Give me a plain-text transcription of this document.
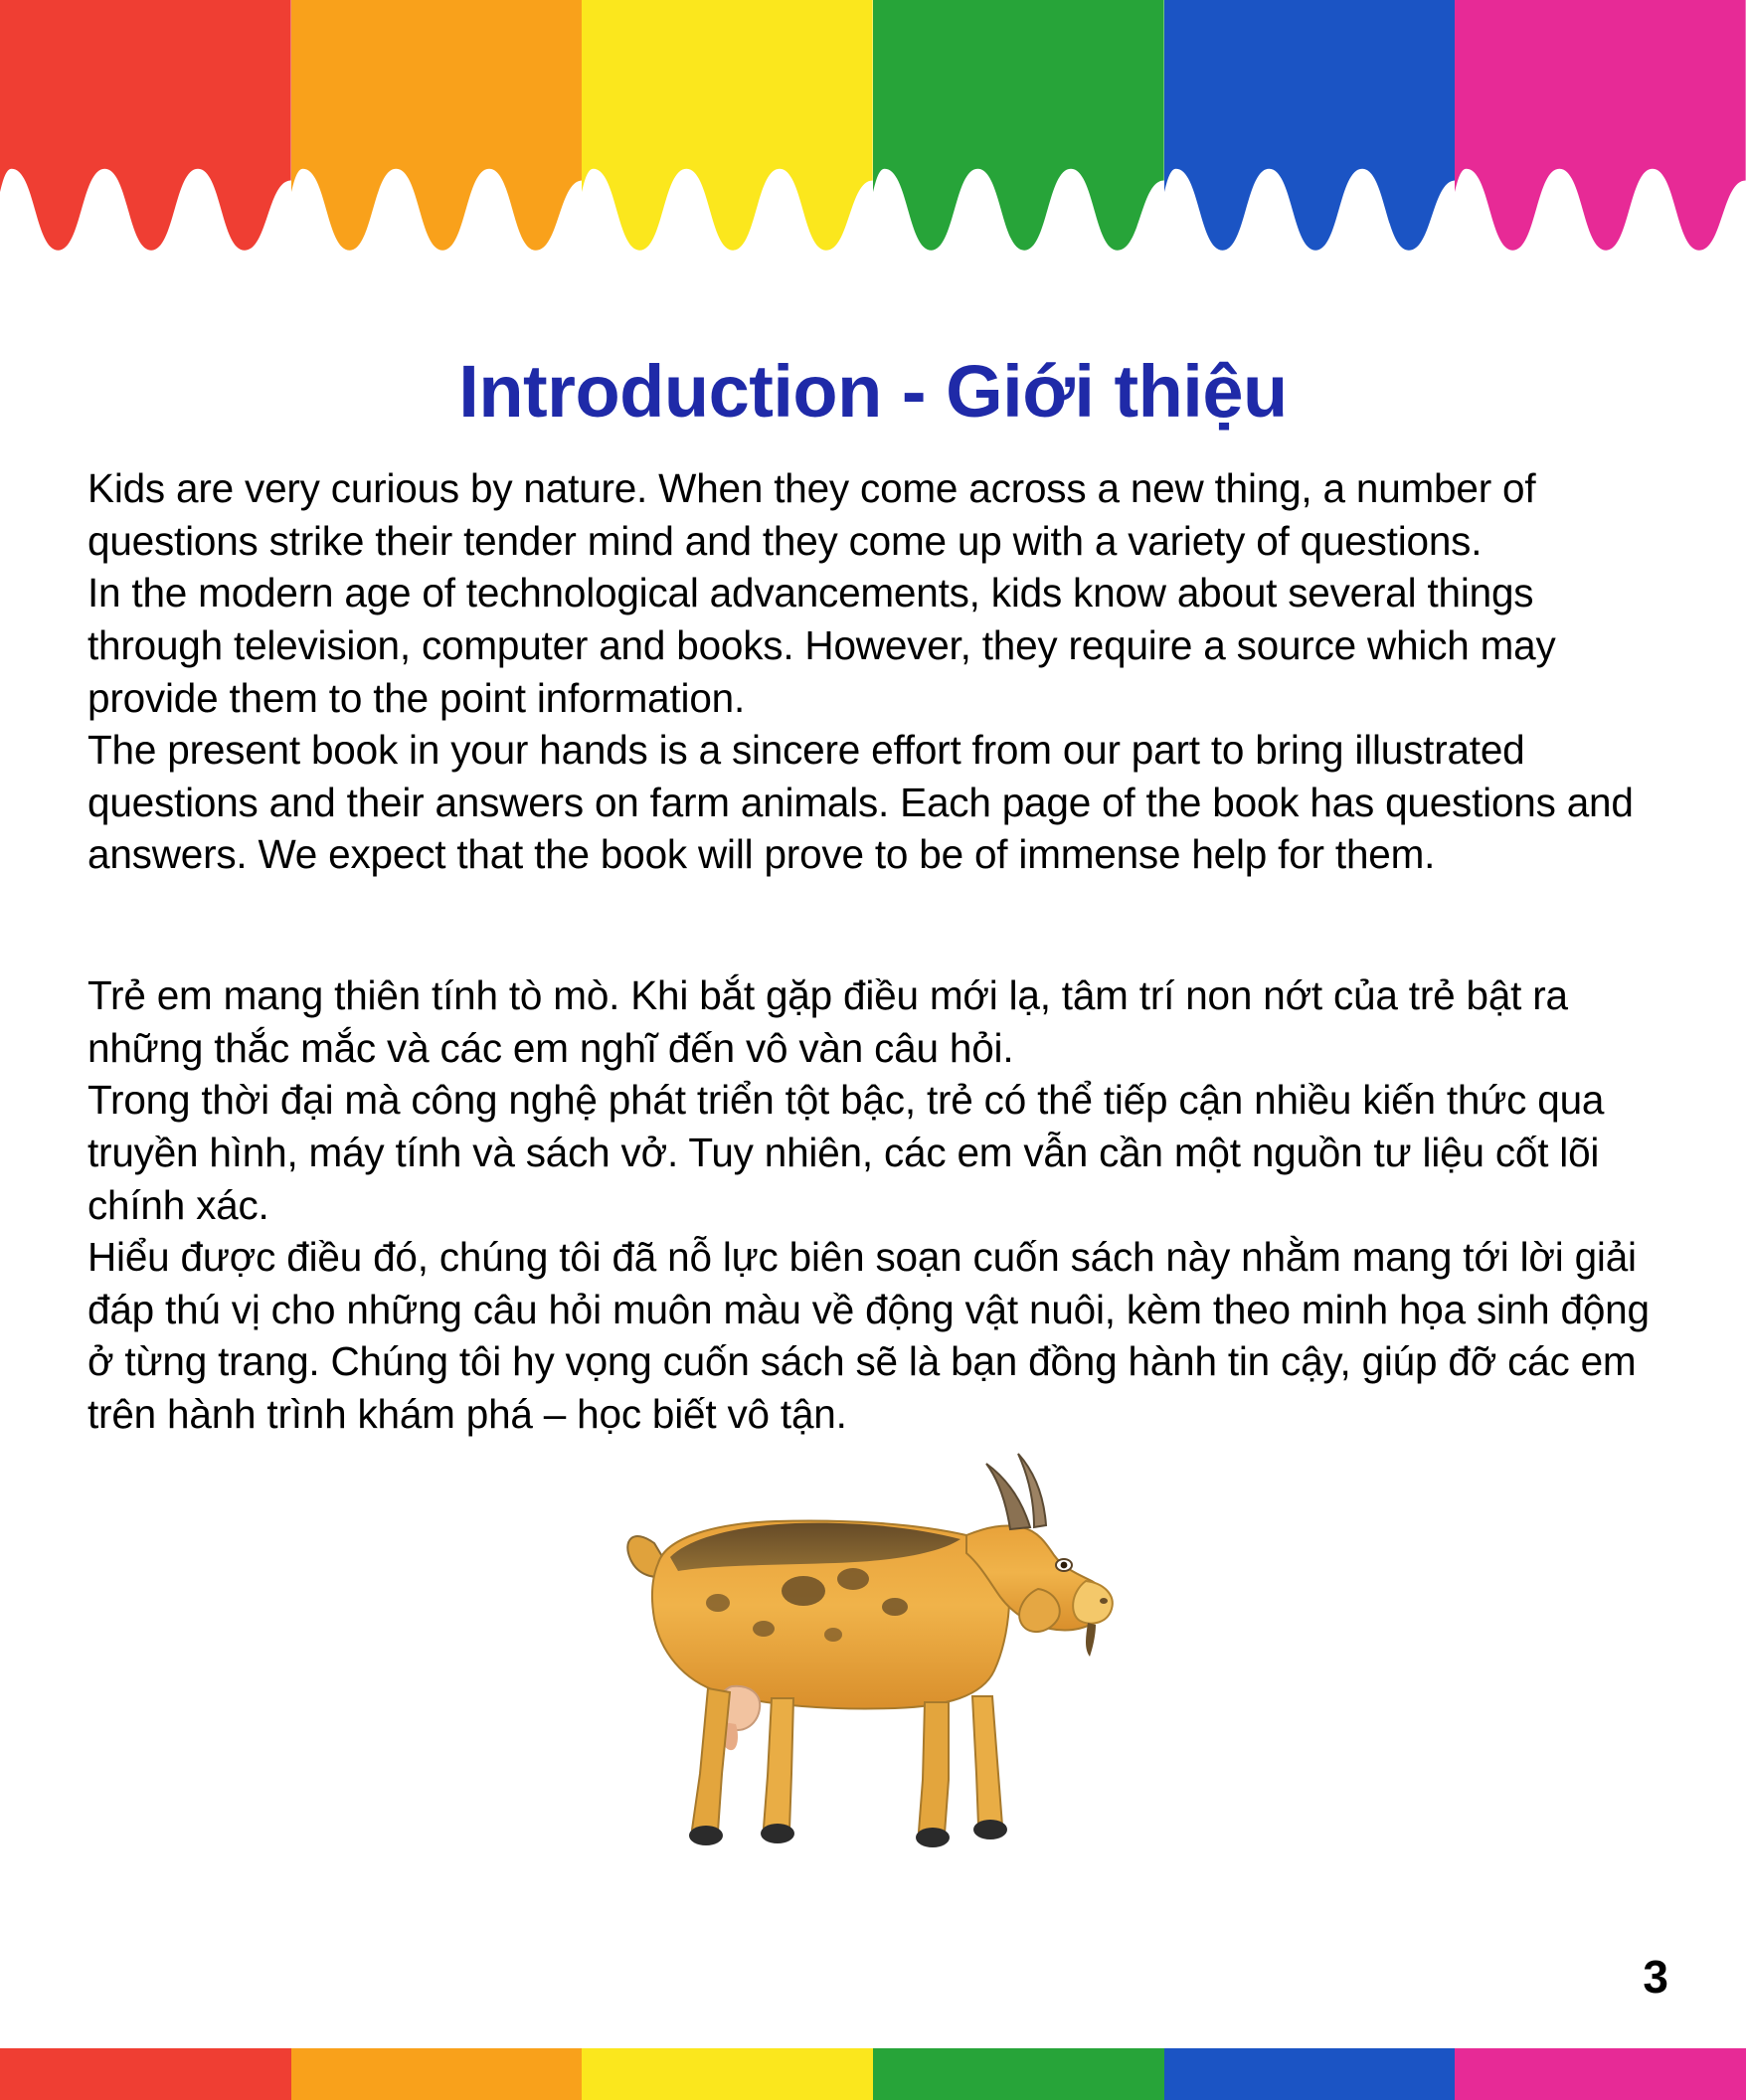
Introduction - Giới thiệu

Kids are very curious by nature. When they come across a new thing, a number of questions strike their tender mind and they come up with a variety of questions.

In the modern age of technological advancements, kids know about several things through television, computer and books. However, they require a source which may provide them to the point information.

The present book in your hands is a sincere effort from our part to bring illustrated questions and their answers on farm animals. Each page of the book has questions and answers. We expect that the book will prove to be of immense help for them.

Trẻ em mang thiên tính tò mò. Khi bắt gặp điều mới lạ, tâm trí non nớt của trẻ bật ra những thắc mắc và các em nghĩ đến vô vàn câu hỏi.

Trong thời đại mà công nghệ phát triển tột bậc, trẻ có thể tiếp cận nhiều kiến thức qua truyền hình, máy tính và sách vở. Tuy nhiên, các em vẫn cần một nguồn tư liệu cốt lõi chính xác.

Hiểu được điều đó, chúng tôi đã nỗ lực biên soạn cuốn sách này nhằm mang tới lời giải đáp thú vị cho những câu hỏi muôn màu về động vật nuôi, kèm theo minh họa sinh động ở từng trang. Chúng tôi hy vọng cuốn sách sẽ là bạn đồng hành tin cậy, giúp đỡ các em trên hành trình khám phá – học biết vô tận.

3
